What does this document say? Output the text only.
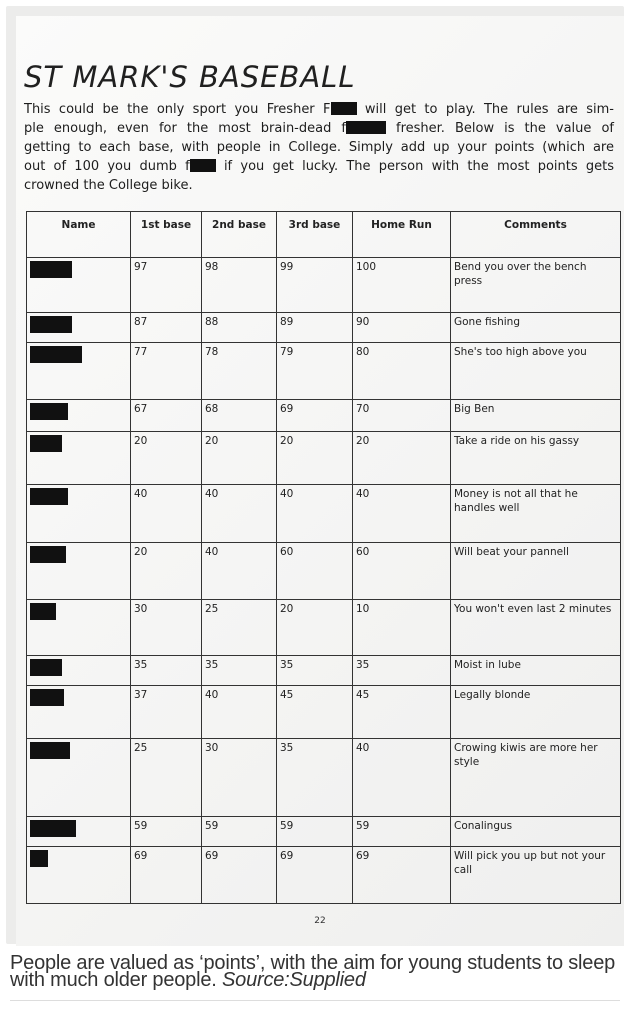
ST MARK'S BASEBALL
This could be the only sport you Fresher F will get to play. The rules are sim-
ple enough, even for the most brain-dead f	fresher. Below is the value of
getting to each base, with people in College. Simply add up your points (which are
out of 100 you dumb f if you get lucky. The person with the most points gets
crowned the College bike.
Name	1st base	2nd base	3rd base	Home Run	Comments

	97	98	99	100	Bend you over the bench press

	87	88	89	90	Gone fishing

	77	78	79	80	She's too high above you

	67	68	69	70	Big Ben

	20	20	20	20	Take a ride on his gassy

	40	40	40	40	Money is not all that he handles well

	20	40	60	60	Will beat your pannell

	30	25	20	10	You won't even last 2 minutes

	35	35	35	35	Moist in lube

	37	40	45	45	Legally blonde

	25	30	35	40	Crowing kiwis are more her style

	59	59	59	59	Conalingus

	69	69	69	69	Will pick you up but not your call
22
People are valued as ‘points’, with the aim for young students to sleep with much older people. Source:Supplied
